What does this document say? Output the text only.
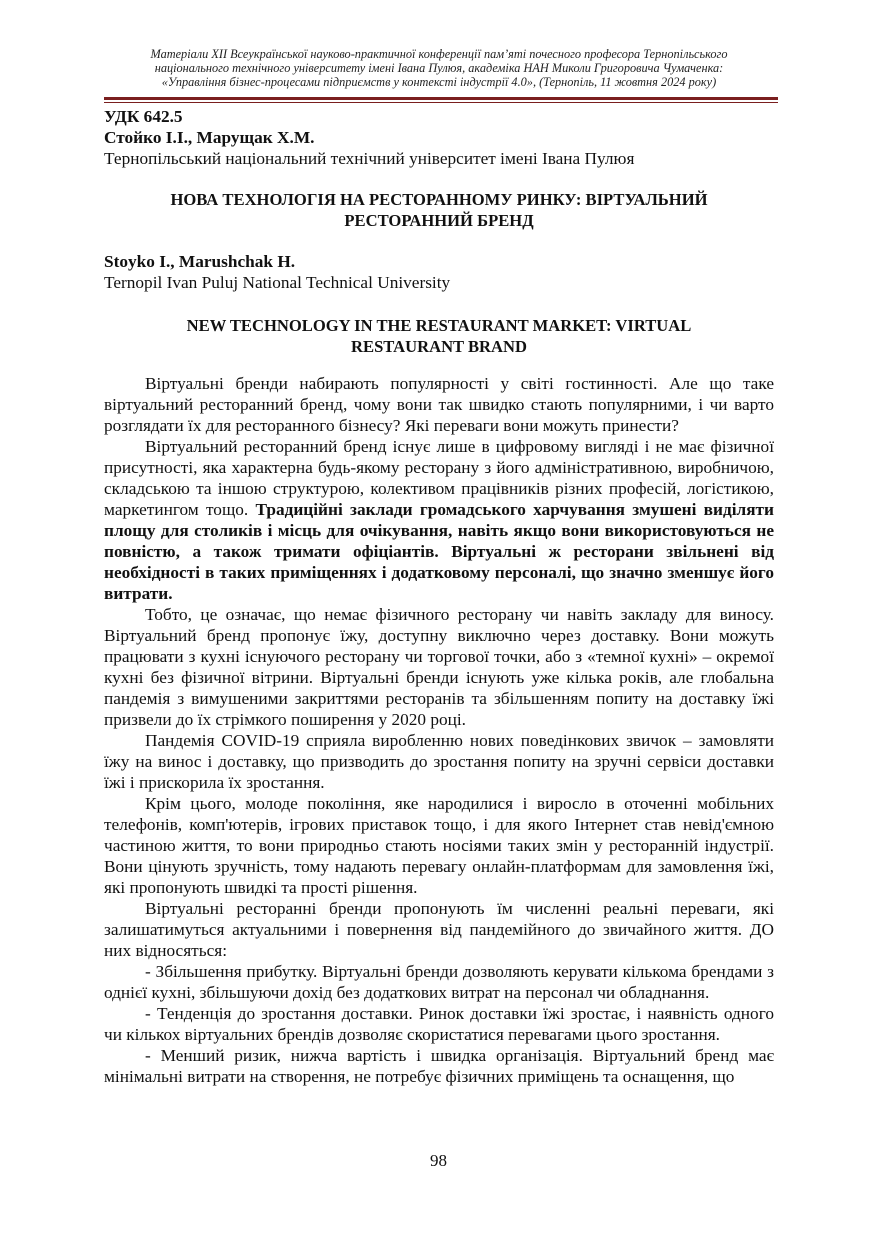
Матеріали XII Всеукраїнської науково-практичної конференції пам’яті почесного професора Тернопільського
національного технічного університету імені Івана Пулюя, академіка НАН Миколи Григоровича Чумаченка:
«Управління бізнес-процесами підприємств у контексті індустрії 4.0», (Тернопіль, 11 жовтня 2024 року)
УДК 642.5
Стойко І.І., Марущак Х.М.
Тернопільський національний технічний університет імені Івана Пулюя
НОВА ТЕХНОЛОГІЯ НА РЕСТОРАННОМУ РИНКУ: ВІРТУАЛЬНИЙ
РЕСТОРАННИЙ БРЕНД
Stoyko I., Marushchak H.
Ternopil Ivan Puluj National Technical University
NEW TECHNOLOGY IN THE RESTAURANT MARKET: VIRTUAL
RESTAURANT BRAND

Віртуальні бренди набирають популярності у світі гостинності. Але що таке віртуальний ресторанний бренд, чому вони так швидко стають популярними, і чи варто розглядати їх для ресторанного бізнесу? Які переваги вони можуть принести?

Віртуальний ресторанний бренд існує лише в цифровому вигляді і не має фізичної присутності, яка характерна будь-якому ресторану з його адміністративною, виробничою, складською та іншою структурою, колективом працівників різних професій, логістикою, маркетингом тощо. Традиційні заклади громадського харчування змушені виділяти площу для столиків і місць для очікування, навіть якщо вони використовуються не повністю, а також тримати офіціантів. Віртуальні ж ресторани звільнені від необхідності в таких приміщеннях і додатковому персоналі, що значно зменшує його витрати.

Тобто, це означає, що немає фізичного ресторану чи навіть закладу для виносу. Віртуальний бренд пропонує їжу, доступну виключно через доставку. Вони можуть працювати з кухні існуючого ресторану чи торгової точки, або з «темної кухні» – окремої кухні без фізичної вітрини. Віртуальні бренди існують уже кілька років, але глобальна пандемія з вимушеними закриттями ресторанів та збільшенням попиту на доставку їжі призвели до їх стрімкого поширення у 2020 році.

Пандемія COVID-19 сприяла виробленню нових поведінкових звичок – замовляти їжу на винос і доставку, що призводить до зростання попиту на зручні сервіси доставки їжі і прискорила їх зростання.

Крім цього, молоде покоління, яке народилися і виросло в оточенні мобільних телефонів, комп'ютерів, ігрових приставок тощо, і для якого Інтернет став невід'ємною частиною життя, то вони природньо стають носіями таких змін у ресторанній індустрії. Вони цінують зручність, тому надають перевагу онлайн-платформам для замовлення їжі, які пропонують швидкі та прості рішення.

Віртуальні ресторанні бренди пропонують їм численні реальні переваги, які залишатимуться актуальними і повернення від пандемійного до звичайного життя. ДО них відносяться:

- Збільшення прибутку. Віртуальні бренди дозволяють керувати кількома брендами з однієї кухні, збільшуючи дохід без додаткових витрат на персонал чи обладнання.

- Тенденція до зростання доставки. Ринок доставки їжі зростає, і наявність одного чи кількох віртуальних брендів дозволяє скористатися перевагами цього зростання.

- Менший ризик, нижча вартість і швидка організація. Віртуальний бренд має мінімальні витрати на створення, не потребує фізичних приміщень та оснащення, що

98
